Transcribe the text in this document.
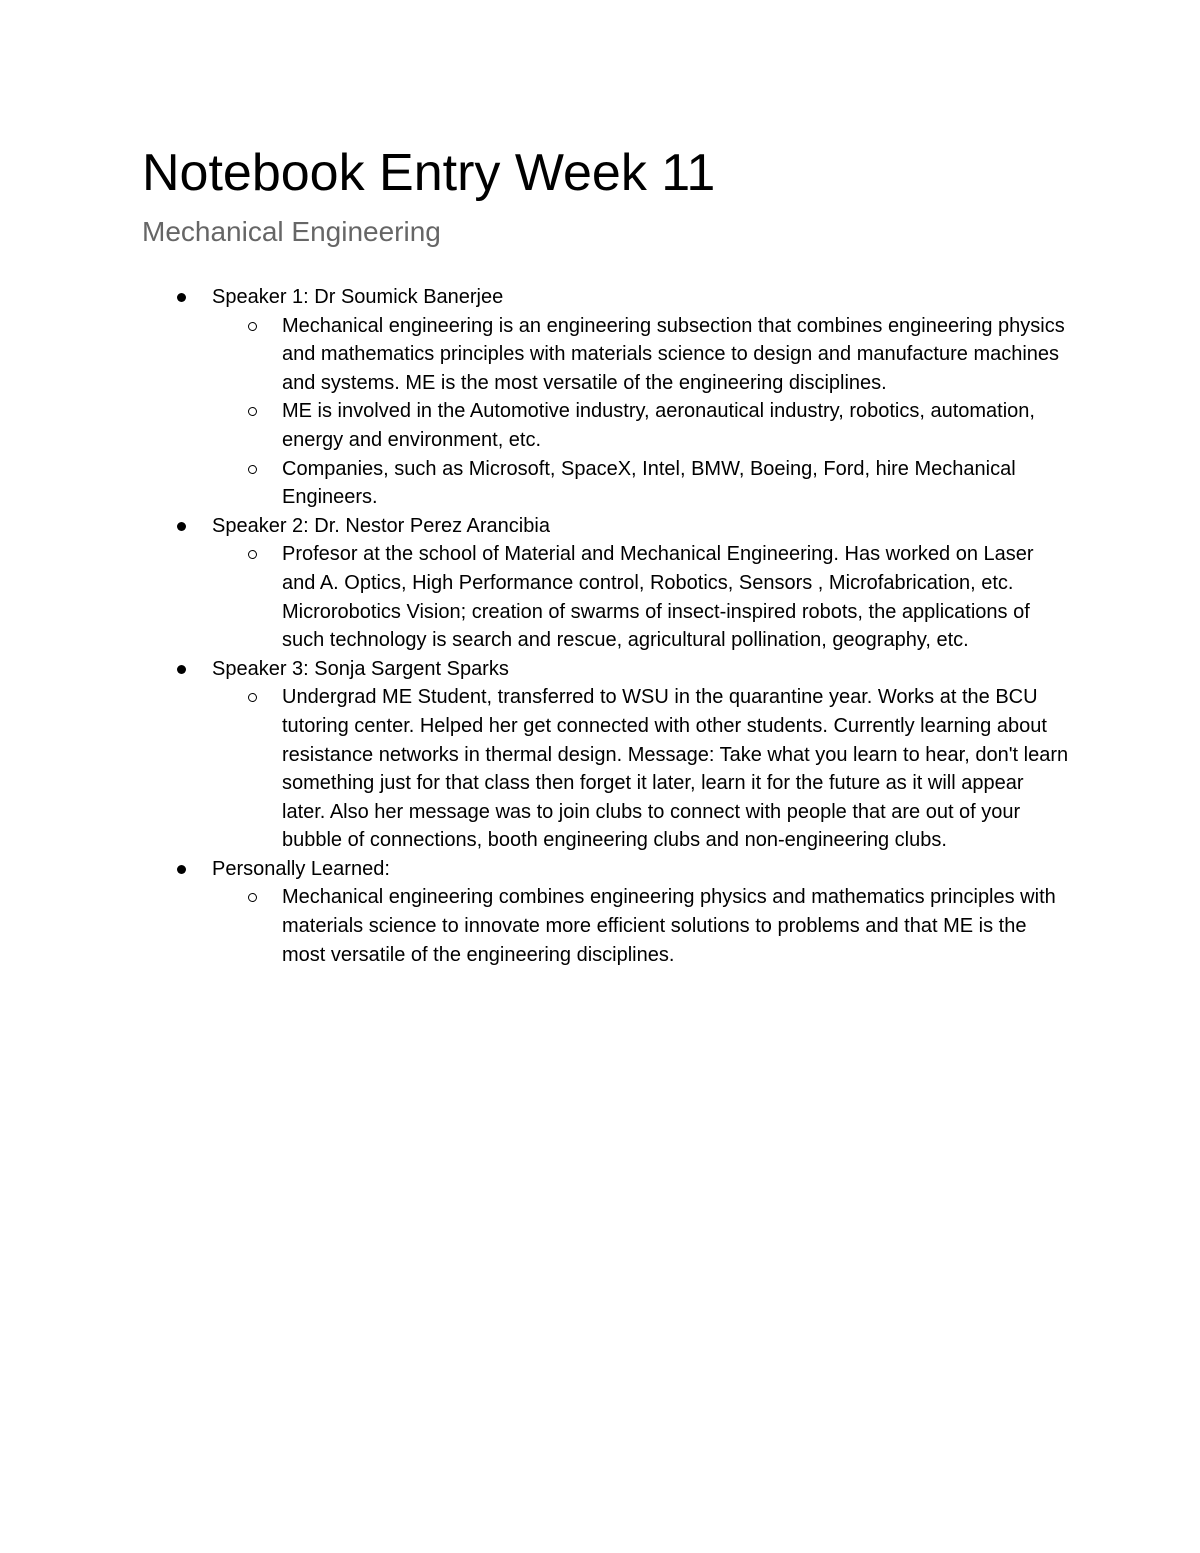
Notebook Entry Week 11
Mechanical Engineering
Speaker 1: Dr Soumick Banerjee
Mechanical engineering is an engineering subsection that combines engineering physics and mathematics principles with materials science to design and manufacture machines and systems. ME is the most versatile of the engineering disciplines.
ME is involved in the Automotive industry, aeronautical industry, robotics, automation, energy and environment, etc.
Companies, such as Microsoft, SpaceX, Intel, BMW, Boeing, Ford, hire Mechanical Engineers.
Speaker 2: Dr. Nestor Perez Arancibia
Profesor at the school of Material and Mechanical Engineering. Has worked on Laser and A. Optics, High Performance control, Robotics, Sensors , Microfabrication, etc. Microrobotics Vision; creation of swarms of insect-inspired robots, the applications of such technology is search and rescue, agricultural pollination, geography, etc.
Speaker 3: Sonja Sargent Sparks
Undergrad ME Student, transferred to WSU in the quarantine year. Works at the BCU tutoring center. Helped her get connected with other students. Currently learning about resistance networks in thermal design. Message: Take what you learn to hear, don't learn something just for that class then forget it later, learn it for the future as it will appear later. Also her message was to join clubs to connect with people that are out of your bubble of connections, booth engineering clubs and non-engineering clubs.
Personally Learned:
Mechanical engineering combines engineering physics and mathematics principles with materials science to innovate more efficient solutions to problems and that ME is the most versatile of the engineering disciplines.
